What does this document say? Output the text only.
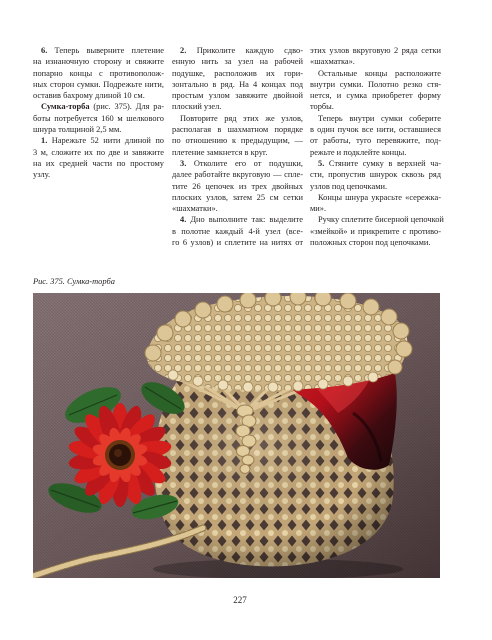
6. Теперь выверните плетение
на изнаночную сторону и свяжите
попарно концы с противополож-
ных сторон сумки. Подрежьте нити,
оставив бахрому длиной 10 см.
Сумка-торба (рис. 375). Для ра-
боты потребуется 160 м шелкового
шнура толщиной 2,5 мм.
1. Нарежьте 52 нити длиной по
3 м, сложите их по две и завяжите
на их средней части по простому
узлу.
2. Приколите каждую сдво-
енную нить за узел на рабочей
подушке, расположив их гори-
зонтально в ряд. На 4 концах под
простым узлом завяжите двойной
плоский узел.
Повторите ряд этих же узлов,
располагая в шахматном порядке
по отношению к предыдущим, —
плетение замкнется в круг.
3. Отколите его от подушки,
далее работайте вкруговую — спле-
тите 26 цепочек из трех двойных
плоских узлов, затем 25 см сетки
«шахматки».
4. Дно выполните так: выделите
в полотне каждый 4-й узел (все-
го 6 узлов) и сплетите на нитях от
этих узлов вкруговую 2 ряда сетки
«шахматка».
Остальные концы расположите
внутри сумки. Полотно резко стя-
нется, и сумка приобретет форму
торбы.
Теперь внутри сумки соберите
в один пучок все нити, оставшиеся
от работы, туго перевяжите, под-
режьте и подклейте концы.
5. Стяните сумку в верхней ча-
сти, пропустив шнурок сквозь ряд
узлов под цепочками.
Концы шнура украсьте «сережка-
ми».
Ручку сплетите бисерной цепочкой
«змейкой» и прикрепите с противо-
положных сторон под цепочками.
Рис. 375. Сумка-торба
227
